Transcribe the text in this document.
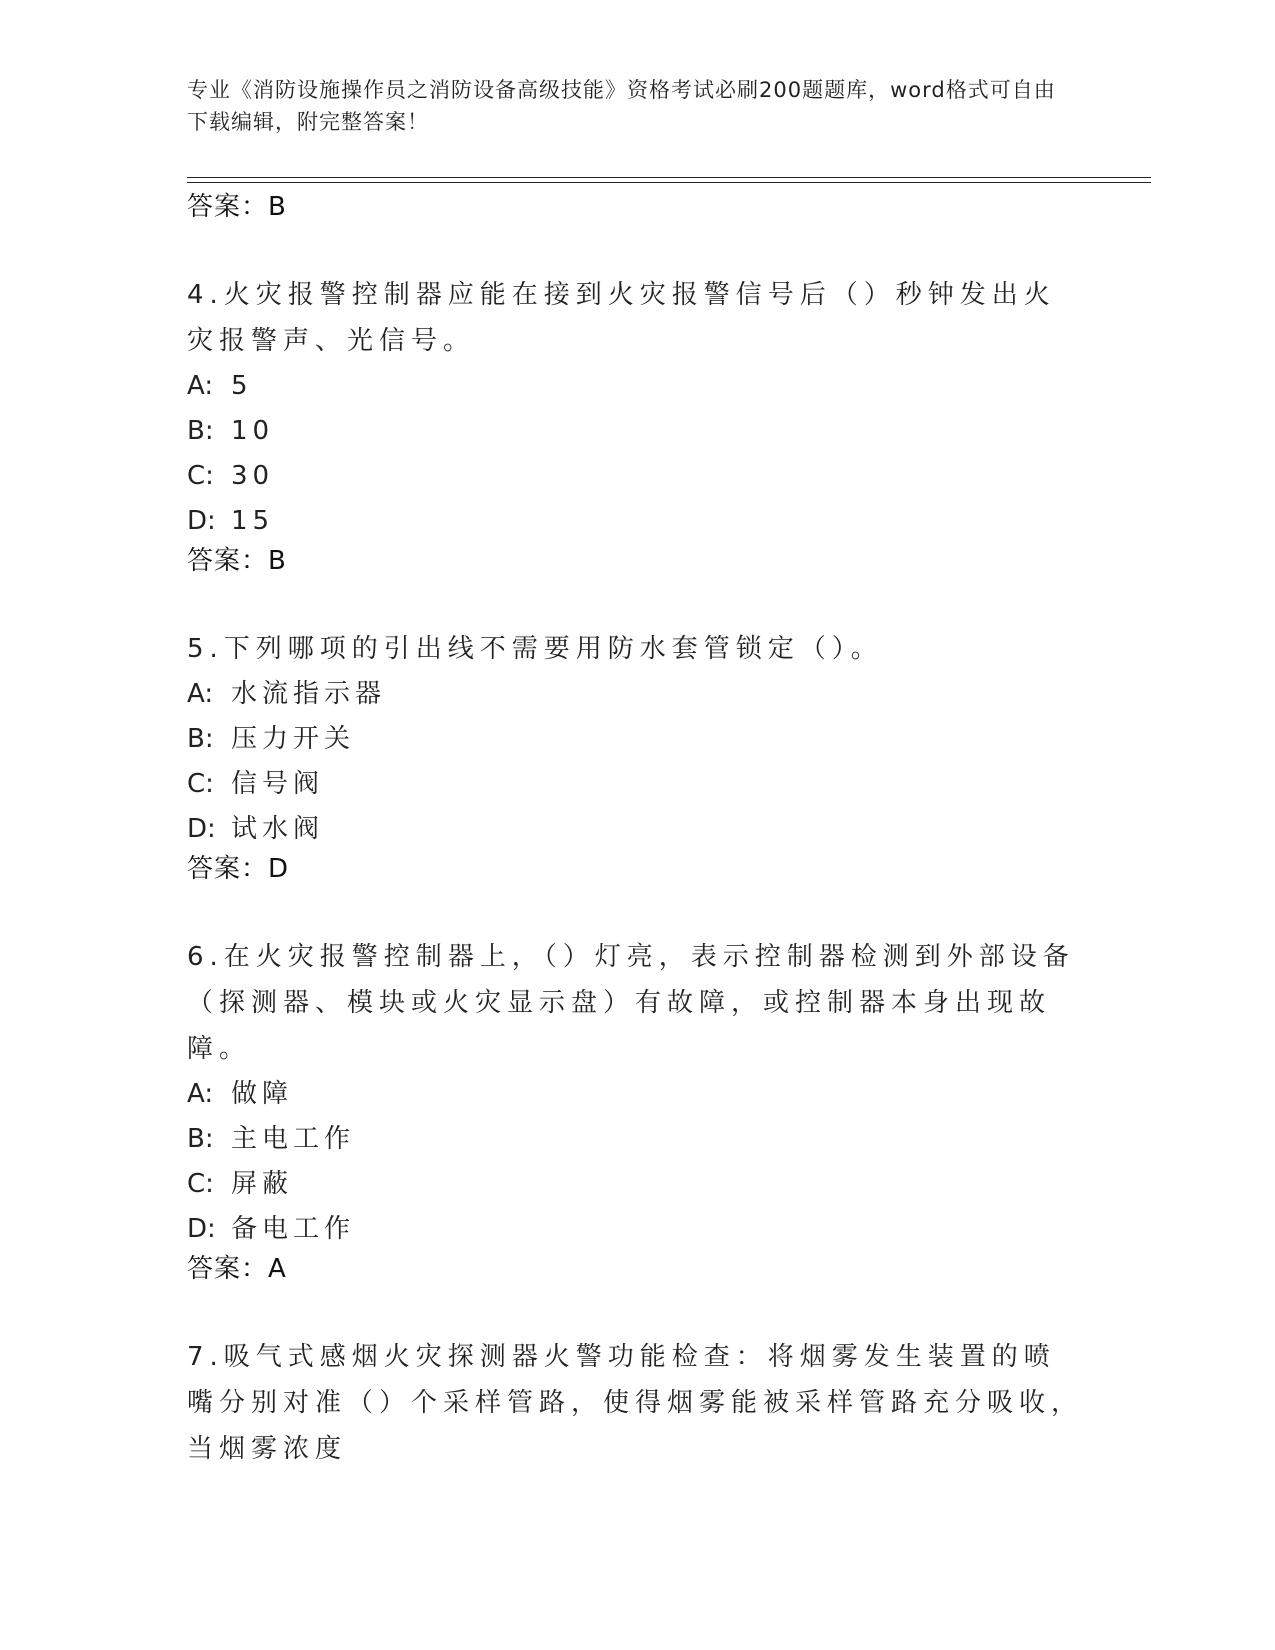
专业《消防设施操作员之消防设备高级技能》资格考试必刷200题题库，word格式可自由下载编辑，附完整答案！
答案：B
4.火灾报警控制器应能在接到火灾报警信号后（）秒钟发出火灾报警声、光信号。
A: 5
B: 10
C: 30
D: 15
答案：B
5.下列哪项的引出线不需要用防水套管锁定（）。
A: 水流指示器
B: 压力开关
C: 信号阀
D: 试水阀
答案：D
6.在火灾报警控制器上，（）灯亮，表示控制器检测到外部设备（探测器、模块或火灾显示盘）有故障，或控制器本身出现故障。
A: 做障
B: 主电工作
C: 屏蔽
D: 备电工作
答案：A
7.吸气式感烟火灾探测器火警功能检查：将烟雾发生装置的喷嘴分别对准（）个采样管路，使得烟雾能被采样管路充分吸收，当烟雾浓度
